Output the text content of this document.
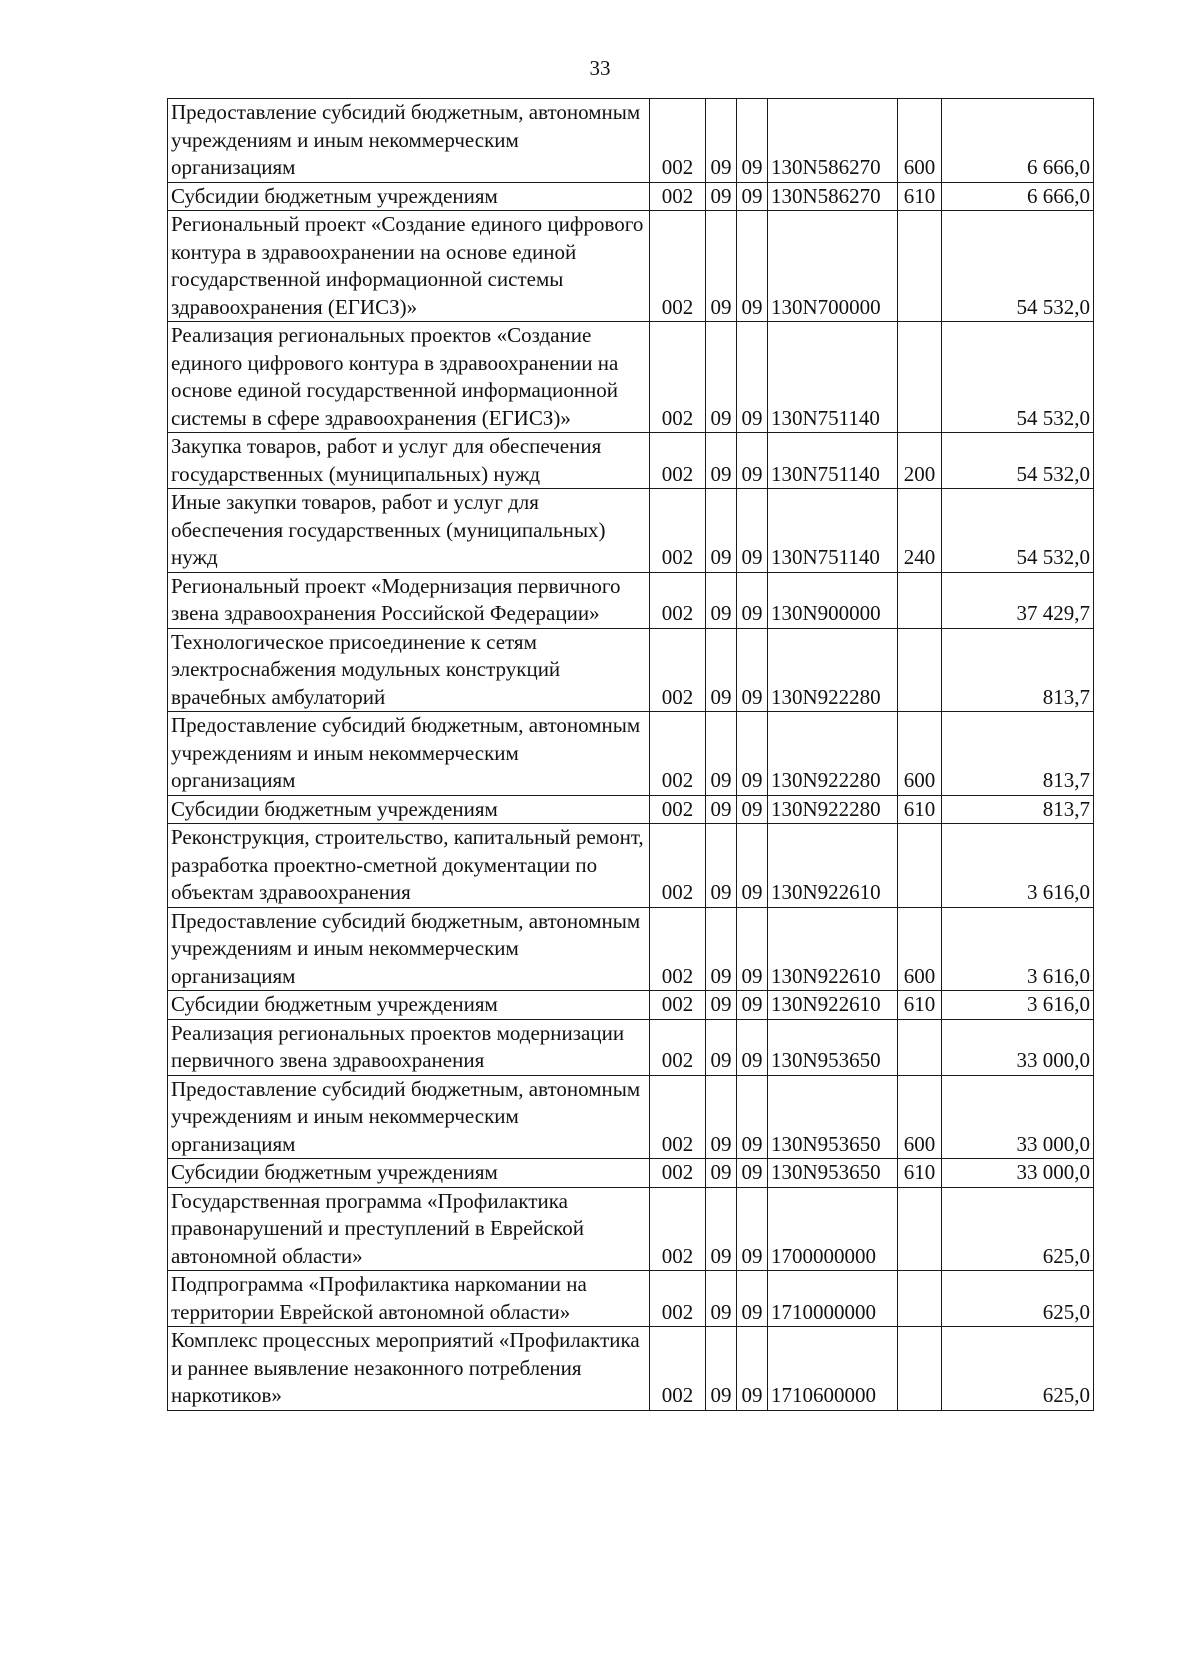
33
Предоставление субсидий бюджетным, автономным учреждениям и иным некоммерческим организациям	002	09	09	130N586270	600	6 666,0
Субсидии бюджетным учреждениям	002	09	09	130N586270	610	6 666,0
Региональный проект «Создание единого цифрового контура в здравоохранении на основе единой государственной информационной системы здравоохранения (ЕГИСЗ)»	002	09	09	130N700000		54 532,0
Реализация региональных проектов «Создание единого цифрового контура в здравоохранении на основе единой государственной информационной системы в сфере здравоохранения (ЕГИСЗ)»	002	09	09	130N751140		54 532,0
Закупка товаров, работ и услуг для обеспечения государственных (муниципальных) нужд	002	09	09	130N751140	200	54 532,0
Иные закупки товаров, работ и услуг для обеспечения государственных (муниципальных) нужд	002	09	09	130N751140	240	54 532,0
Региональный проект «Модернизация первичного звена здравоохранения Российской Федерации»	002	09	09	130N900000		37 429,7
Технологическое присоединение к сетям электроснабжения модульных конструкций врачебных амбулаторий	002	09	09	130N922280		813,7
Предоставление субсидий бюджетным, автономным учреждениям и иным некоммерческим организациям	002	09	09	130N922280	600	813,7
Субсидии бюджетным учреждениям	002	09	09	130N922280	610	813,7
Реконструкция, строительство, капитальный ремонт, разработка проектно-сметной документации по объектам здравоохранения	002	09	09	130N922610		3 616,0
Предоставление субсидий бюджетным, автономным учреждениям и иным некоммерческим организациям	002	09	09	130N922610	600	3 616,0
Субсидии бюджетным учреждениям	002	09	09	130N922610	610	3 616,0
Реализация региональных проектов модернизации первичного звена здравоохранения	002	09	09	130N953650		33 000,0
Предоставление субсидий бюджетным, автономным учреждениям и иным некоммерческим организациям	002	09	09	130N953650	600	33 000,0
Субсидии бюджетным учреждениям	002	09	09	130N953650	610	33 000,0
Государственная программа «Профилактика правонарушений и преступлений в Еврейской автономной области»	002	09	09	1700000000		625,0
Подпрограмма «Профилактика наркомании на территории Еврейской автономной области»	002	09	09	1710000000		625,0
Комплекс процессных мероприятий «Профилактика и раннее выявление незаконного потребления наркотиков»	002	09	09	1710600000		625,0
